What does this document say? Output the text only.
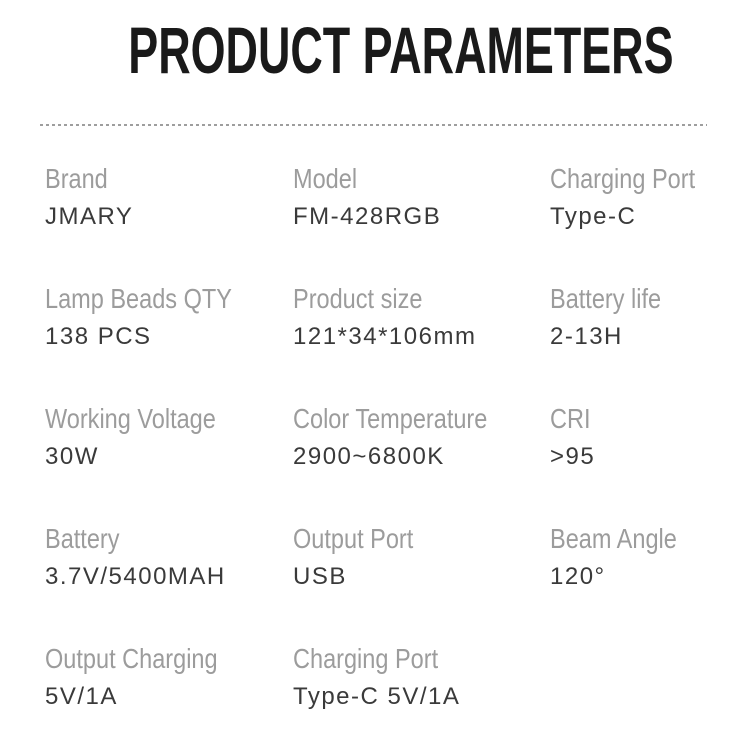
PRODUCT PARAMETERS
Brand
JMARY
Model
FM-428RGB
Charging Port
Type-C
Lamp Beads QTY
138 PCS
Product size
121*34*106mm
Battery life
2-13H
Working Voltage
30W
Color Temperature
2900~6800K
CRI
>95
Battery
3.7V/5400MAH
Output Port
USB
Beam Angle
120°
Output Charging
5V/1A
Charging Port
Type-C 5V/1A
